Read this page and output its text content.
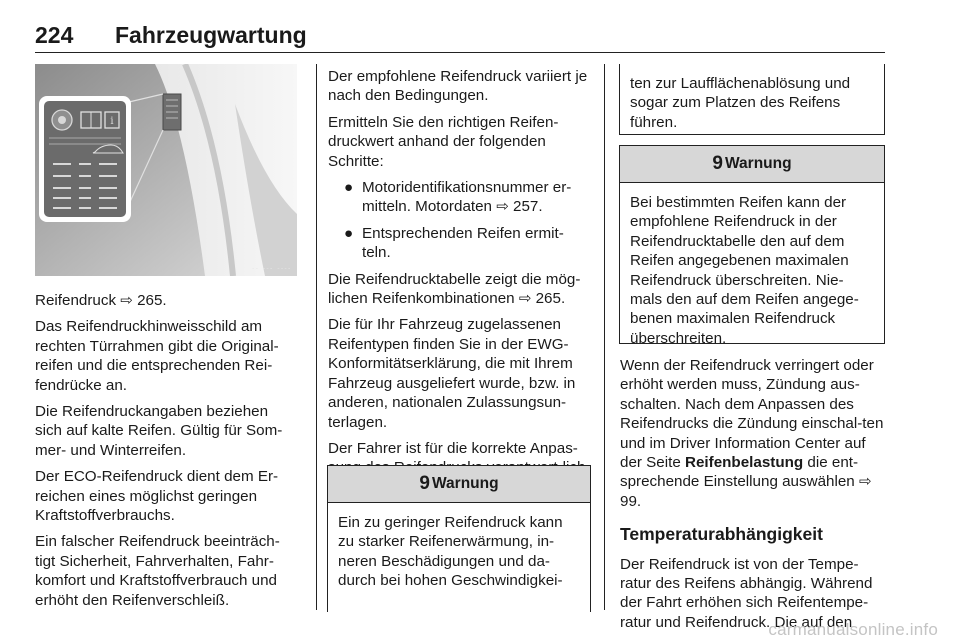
224 Fahrzeugwartung
i
-- --- ----

Reifendruck ⇨ 265.

Das Reifendruckhinweisschild am rechten Türrahmen gibt die Original-reifen und die entsprechenden Rei-fendrücke an.

Die Reifendruckangaben beziehen sich auf kalte Reifen. Gültig für Som-mer- und Winterreifen.

Der ECO-Reifendruck dient dem Er-reichen eines möglichst geringen Kraftstoffverbrauchs.

Ein falscher Reifendruck beeinträch-tigt Sicherheit, Fahrverhalten, Fahr-komfort und Kraftstoffverbrauch und erhöht den Reifenverschleiß.

Der empfohlene Reifendruck variiert je nach den Bedingungen.

Ermitteln Sie den richtigen Reifen-druckwert anhand der folgenden Schritte:

● Motoridentifikationsnummer er-mitteln. Motordaten ⇨ 257.
● Entsprechenden Reifen ermit-teln.

Die Reifendrucktabelle zeigt die mög-lichen Reifenkombinationen ⇨ 265.

Die für Ihr Fahrzeug zugelassenen Reifentypen finden Sie in der EWG-Konformitätserklärung, die mit Ihrem Fahrzeug ausgeliefert wurde, bzw. in anderen, nationalen Zulassungsun-terlagen.

Der Fahrer ist für die korrekte Anpas-

9 Warnung
Ein zu geringer Reifendruck kann zu starker Reifenerwärmung, in-neren Beschädigungen und da-durch bei hohen Geschwindigkei-
ten zur Laufflächenablösung und sogar zum Platzen des Reifens führen.
9 Warnung
Bei bestimmten Reifen kann der empfohlene Reifendruck in der Reifendrucktabelle den auf dem Reifen angegebenen maximalen Reifendruck überschreiten. Nie-mals den auf dem Reifen angege-benen maximalen Reifendruck überschreiten.

Wenn der Reifendruck verringert oder erhöht werden muss, Zündung aus-schalten. Nach dem Anpassen des Reifendrucks die Zündung einschal-ten und im Driver Information Center auf der Seite Reifenbelastung die ent-sprechende Einstellung auswählen ⇨ 99.

Temperaturabhängigkeit

Der Reifendruck ist von der Tempe-ratur des Reifens abhängig. Während der Fahrt erhöhen sich Reifentempe-ratur und Reifendruck. Die auf den

carmanualsonline.info
